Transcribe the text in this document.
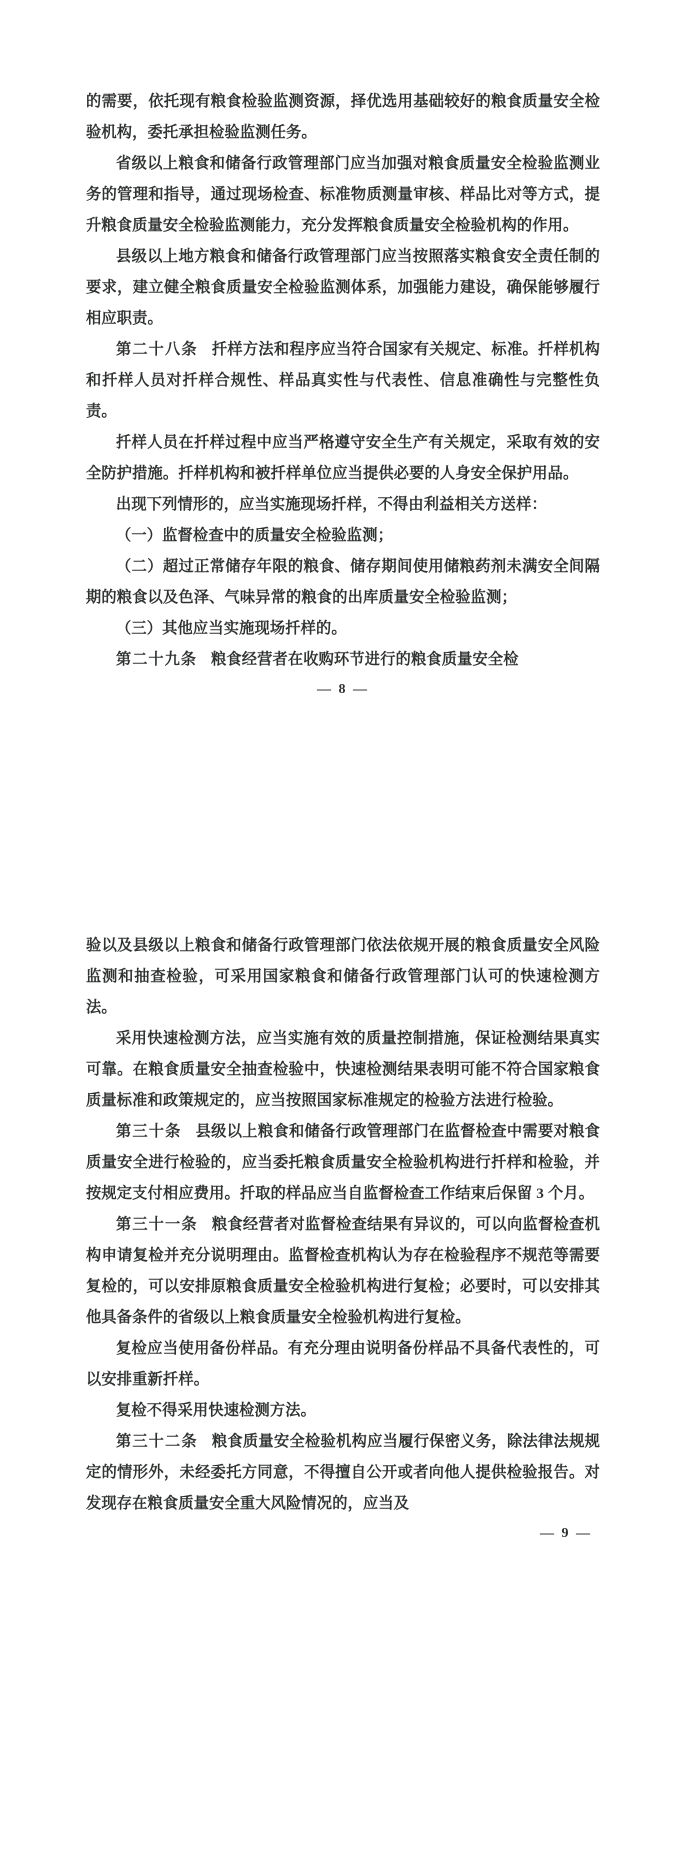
的需要，依托现有粮食检验监测资源，择优选用基础较好的粮食质量安全检验机构，委托承担检验监测任务。

省级以上粮食和储备行政管理部门应当加强对粮食质量安全检验监测业务的管理和指导，通过现场检查、标准物质测量审核、样品比对等方式，提升粮食质量安全检验监测能力，充分发挥粮食质量安全检验机构的作用。

县级以上地方粮食和储备行政管理部门应当按照落实粮食安全责任制的要求，建立健全粮食质量安全检验监测体系，加强能力建设，确保能够履行相应职责。

第二十八条 扦样方法和程序应当符合国家有关规定、标准。扦样机构和扦样人员对扦样合规性、样品真实性与代表性、信息准确性与完整性负责。

扦样人员在扦样过程中应当严格遵守安全生产有关规定，采取有效的安全防护措施。扦样机构和被扦样单位应当提供必要的人身安全保护用品。

出现下列情形的，应当实施现场扦样，不得由利益相关方送样：

（一）监督检查中的质量安全检验监测；

（二）超过正常储存年限的粮食、储存期间使用储粮药剂未满安全间隔期的粮食以及色泽、气味异常的粮食的出库质量安全检验监测；

（三）其他应当实施现场扦样的。

第二十九条 粮食经营者在收购环节进行的粮食质量安全检

— 8 —

验以及县级以上粮食和储备行政管理部门依法依规开展的粮食质量安全风险监测和抽查检验，可采用国家粮食和储备行政管理部门认可的快速检测方法。

采用快速检测方法，应当实施有效的质量控制措施，保证检测结果真实可靠。在粮食质量安全抽查检验中，快速检测结果表明可能不符合国家粮食质量标准和政策规定的，应当按照国家标准规定的检验方法进行检验。

第三十条 县级以上粮食和储备行政管理部门在监督检查中需要对粮食质量安全进行检验的，应当委托粮食质量安全检验机构进行扦样和检验，并按规定支付相应费用。扦取的样品应当自监督检查工作结束后保留 3 个月。

第三十一条 粮食经营者对监督检查结果有异议的，可以向监督检查机构申请复检并充分说明理由。监督检查机构认为存在检验程序不规范等需要复检的，可以安排原粮食质量安全检验机构进行复检；必要时，可以安排其他具备条件的省级以上粮食质量安全检验机构进行复检。

复检应当使用备份样品。有充分理由说明备份样品不具备代表性的，可以安排重新扦样。

复检不得采用快速检测方法。

第三十二条 粮食质量安全检验机构应当履行保密义务，除法律法规规定的情形外，未经委托方同意，不得擅自公开或者向他人提供检验报告。对发现存在粮食质量安全重大风险情况的，应当及

— 9 —
